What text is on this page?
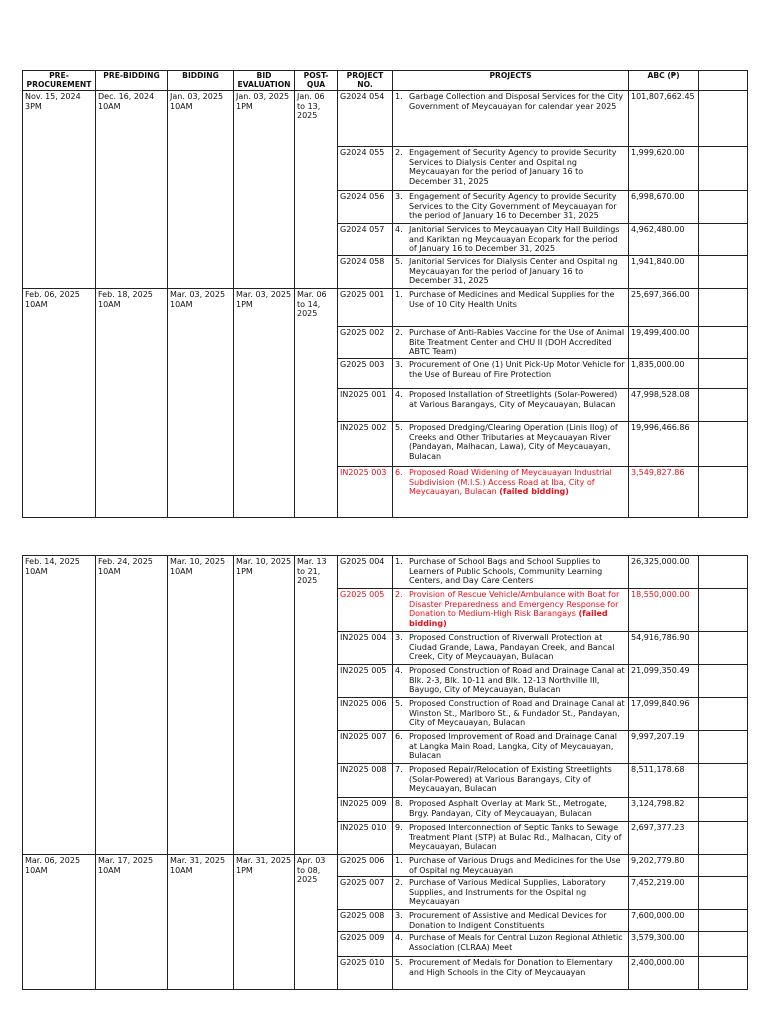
PRE-PROCUREMENT	PRE-BIDDING	BIDDING	BID EVALUATION	POST-QUA	PROJECT NO.	PROJECTS	ABC (₱)	
Nov. 15, 2024 3PM	Dec. 16, 2024 10AM	Jan. 03, 2025 10AM	Jan. 03, 2025 1PM	Jan. 06 to 13, 2025	G2024 054	1. Garbage Collection and Disposal Services for the City Government of Meycauayan for calendar year 2025	101,807,662.45	
					G2024 055	2. Engagement of Security Agency to provide Security Services to Dialysis Center and Ospital ng Meycauayan for the period of January 16 to December 31, 2025	1,999,620.00	
					G2024 056	3. Engagement of Security Agency to provide Security Services to the City Government of Meycauayan for the period of January 16 to December 31, 2025	6,998,670.00	
					G2024 057	4. Janitorial Services to Meycauayan City Hall Buildings and Kariktan ng Meycauayan Ecopark for the period of January 16 to December 31, 2025	4,962,480.00	
					G2024 058	5. Janitorial Services for Dialysis Center and Ospital ng Meycauayan for the period of January 16 to December 31, 2025	1,941,840.00	
Feb. 06, 2025 10AM	Feb. 18, 2025 10AM	Mar. 03, 2025 10AM	Mar. 03, 2025 1PM	Mar. 06 to 14, 2025	G2025 001	1. Purchase of Medicines and Medical Supplies for the Use of 10 City Health Units	25,697,366.00	
					G2025 002	2. Purchase of Anti-Rabies Vaccine for the Use of Animal Bite Treatment Center and CHU II (DOH Accredited ABTC Team)	19,499,400.00	
					G2025 003	3. Procurement of One (1) Unit Pick-Up Motor Vehicle for the Use of Bureau of Fire Protection	1,835,000.00	
					IN2025 001	4. Proposed Installation of Streetlights (Solar-Powered) at Various Barangays, City of Meycauayan, Bulacan	47,998,528.08	
					IN2025 002	5. Proposed Dredging/Clearing Operation (Linis Ilog) of Creeks and Other Tributaries at Meycauayan River (Pandayan, Malhacan, Lawa), City of Meycauayan, Bulacan	19,996,466.86	
					IN2025 003	6. Proposed Road Widening of Meycauayan Industrial Subdivision (M.I.S.) Access Road at Iba, City of Meycauayan, Bulacan (failed bidding)	3,549,827.86	
Feb. 14, 2025 10AM	Feb. 24, 2025 10AM	Mar. 10, 2025 10AM	Mar. 10, 2025 1PM	Mar. 13 to 21, 2025	G2025 004	1. Purchase of School Bags and School Supplies to Learners of Public Schools, Community Learning Centers, and Day Care Centers	26,325,000.00	
					G2025 005	2. Provision of Rescue Vehicle/Ambulance with Boat for Disaster Preparedness and Emergency Response for Donation to Medium-High Risk Barangays (failed bidding)	18,550,000.00	
					IN2025 004	3. Proposed Construction of Riverwall Protection at Ciudad Grande, Lawa, Pandayan Creek, and Bancal Creek, City of Meycauayan, Bulacan	54,916,786.90	
					IN2025 005	4. Proposed Construction of Road and Drainage Canal at Blk. 2-3, Blk. 10-11 and Blk. 12-13 Northville III, Bayugo, City of Meycauayan, Bulacan	21,099,350.49	
					IN2025 006	5. Proposed Construction of Road and Drainage Canal at Winston St., Marlboro St., & Fundador St., Pandayan, City of Meycauayan, Bulacan	17,099,840.96	
					IN2025 007	6. Proposed Improvement of Road and Drainage Canal at Langka Main Road, Langka, City of Meycauayan, Bulacan	9,997,207.19	
					IN2025 008	7. Proposed Repair/Relocation of Existing Streetlights (Solar-Powered) at Various Barangays, City of Meycauayan, Bulacan	8,511,178.68	
					IN2025 009	8. Proposed Asphalt Overlay at Mark St., Metrogate, Brgy. Pandayan, City of Meycauayan, Bulacan	3,124,798.82	
					IN2025 010	9. Proposed Interconnection of Septic Tanks to Sewage Treatment Plant (STP) at Bulac Rd., Malhacan, City of Meycauayan, Bulacan	2,697,377.23	
Mar. 06, 2025 10AM	Mar. 17, 2025 10AM	Mar. 31, 2025 10AM	Mar. 31, 2025 1PM	Apr. 03 to 08, 2025	G2025 006	1. Purchase of Various Drugs and Medicines for the Use of Ospital ng Meycauayan	9,202,779.80	
					G2025 007	2. Purchase of Various Medical Supplies, Laboratory Supplies, and Instruments for the Ospital ng Meycauayan	7,452,219.00	
					G2025 008	3. Procurement of Assistive and Medical Devices for Donation to Indigent Constituents	7,600,000.00	
					G2025 009	4. Purchase of Meals for Central Luzon Regional Athletic Association (CLRAA) Meet	3,579,300.00	
					G2025 010	5. Procurement of Medals for Donation to Elementary and High Schools in the City of Meycauayan	2,400,000.00	
